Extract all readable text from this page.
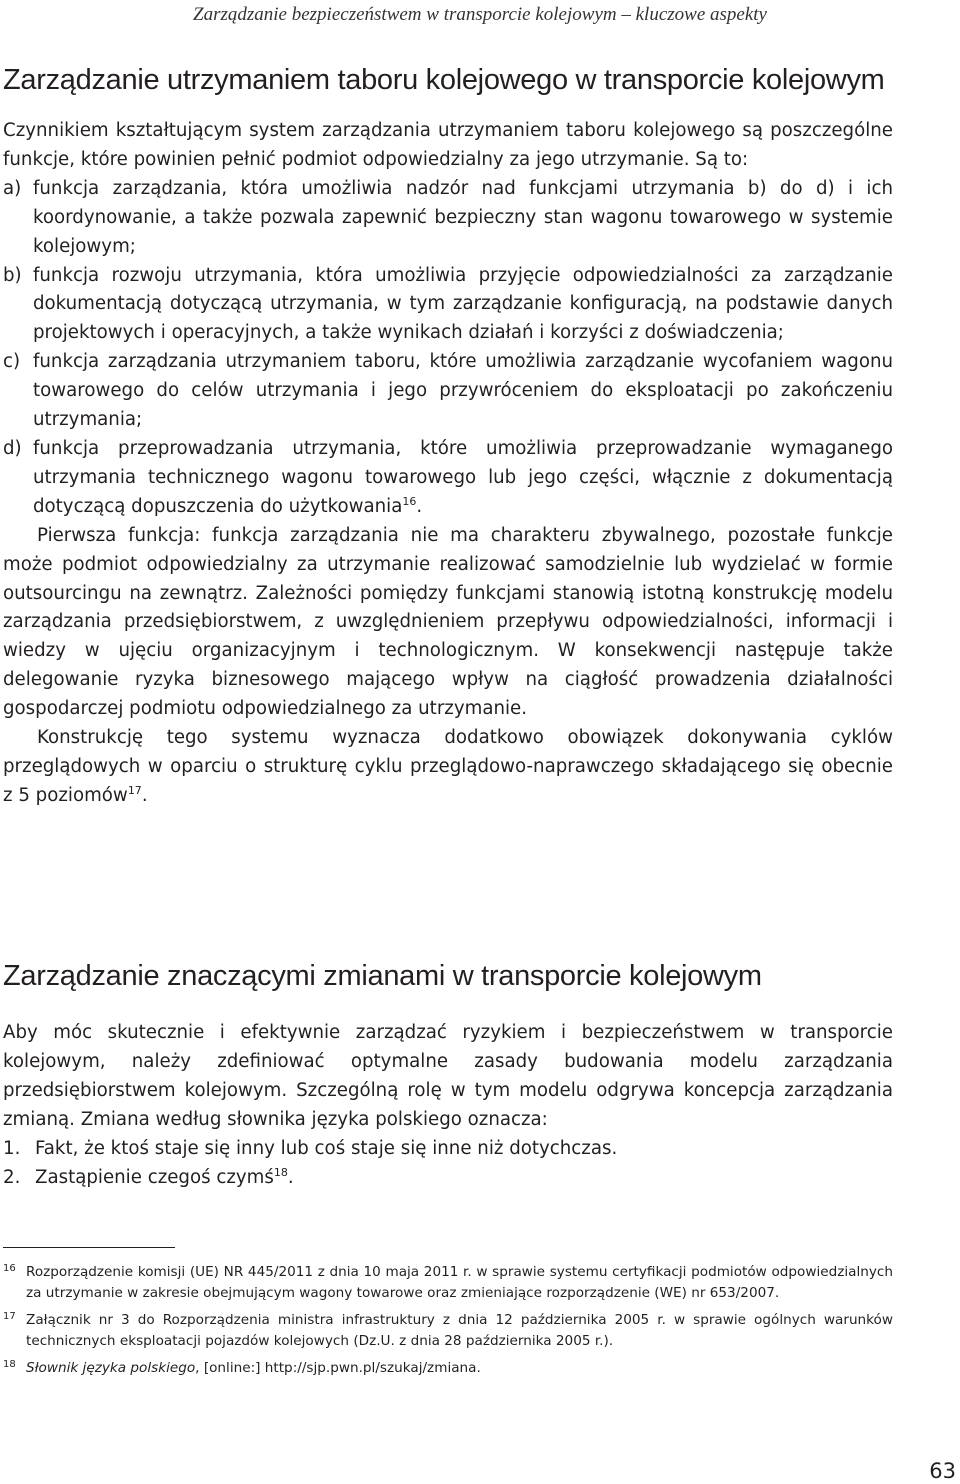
Zarządzanie bezpieczeństwem w transporcie kolejowym – kluczowe aspekty
Zarządzanie utrzymaniem taboru kolejowego w transporcie kolejowym

Czynnikiem kształtującym system zarządzania utrzymaniem taboru kolejowego są poszczególne funkcje, które powinien pełnić podmiot odpowiedzialny za jego utrzymanie. Są to:

a) funkcja zarządzania, która umożliwia nadzór nad funkcjami utrzymania b) do d) i ich koordynowanie, a także pozwala zapewnić bezpieczny stan wagonu towarowego w systemie kolejowym;
b) funkcja rozwoju utrzymania, która umożliwia przyjęcie odpowiedzialności za zarządzanie dokumentacją dotyczącą utrzymania, w tym zarządzanie konfiguracją, na podstawie danych projektowych i operacyjnych, a także wynikach działań i korzyści z doświadczenia;
c) funkcja zarządzania utrzymaniem taboru, które umożliwia zarządzanie wycofaniem wagonu towarowego do celów utrzymania i jego przywróceniem do eksploatacji po zakończeniu utrzymania;
d) funkcja przeprowadzania utrzymania, które umożliwia przeprowadzanie wymaganego utrzymania technicznego wagonu towarowego lub jego części, włącznie z dokumentacją dotyczącą dopuszczenia do użytkowania$^{16}$.

Pierwsza funkcja: funkcja zarządzania nie ma charakteru zbywalnego, pozostałe funkcje może podmiot odpowiedzialny za utrzymanie realizować samodzielnie lub wydzielać w formie outsourcingu na zewnątrz. Zależności pomiędzy funkcjami stanowią istotną konstrukcję modelu zarządzania przedsiębiorstwem, z uwzględnieniem przepływu odpowiedzialności, informacji i wiedzy w ujęciu organizacyjnym i technologicznym. W konsekwencji następuje także delegowanie ryzyka biznesowego mającego wpływ na ciągłość prowadzenia działalności gospodarczej podmiotu odpowiedzialnego za utrzymanie.

Konstrukcję tego systemu wyznacza dodatkowo obowiązek dokonywania cyklów przeglądowych w oparciu o strukturę cyklu przeglądowo-naprawczego składającego się obecnie z 5 poziomów$^{17}$.

Zarządzanie znaczącymi zmianami w transporcie kolejowym

Aby móc skutecznie i efektywnie zarządzać ryzykiem i bezpieczeństwem w transporcie kolejowym, należy zdefiniować optymalne zasady budowania modelu zarządzania przedsiębiorstwem kolejowym. Szczególną rolę w tym modelu odgrywa koncepcja zarządzania zmianą. Zmiana według słownika języka polskiego oznacza:

1. Fakt, że ktoś staje się inny lub coś staje się inne niż dotychczas.
2. Zastąpienie czegoś czymś$^{18}$.
16 Rozporządzenie komisji (UE) NR 445/2011 z dnia 10 maja 2011 r. w sprawie systemu certyfikacji podmiotów odpowiedzialnych za utrzymanie w zakresie obejmującym wagony towarowe oraz zmieniające rozporządzenie (WE) nr 653/2007.
17 Załącznik nr 3 do Rozporządzenia ministra infrastruktury z dnia 12 października 2005 r. w sprawie ogólnych warunków technicznych eksploatacji pojazdów kolejowych (Dz.U. z dnia 28 października 2005 r.).
18 Słownik języka polskiego, [online:] http://sjp.pwn.pl/szukaj/zmiana.
63
